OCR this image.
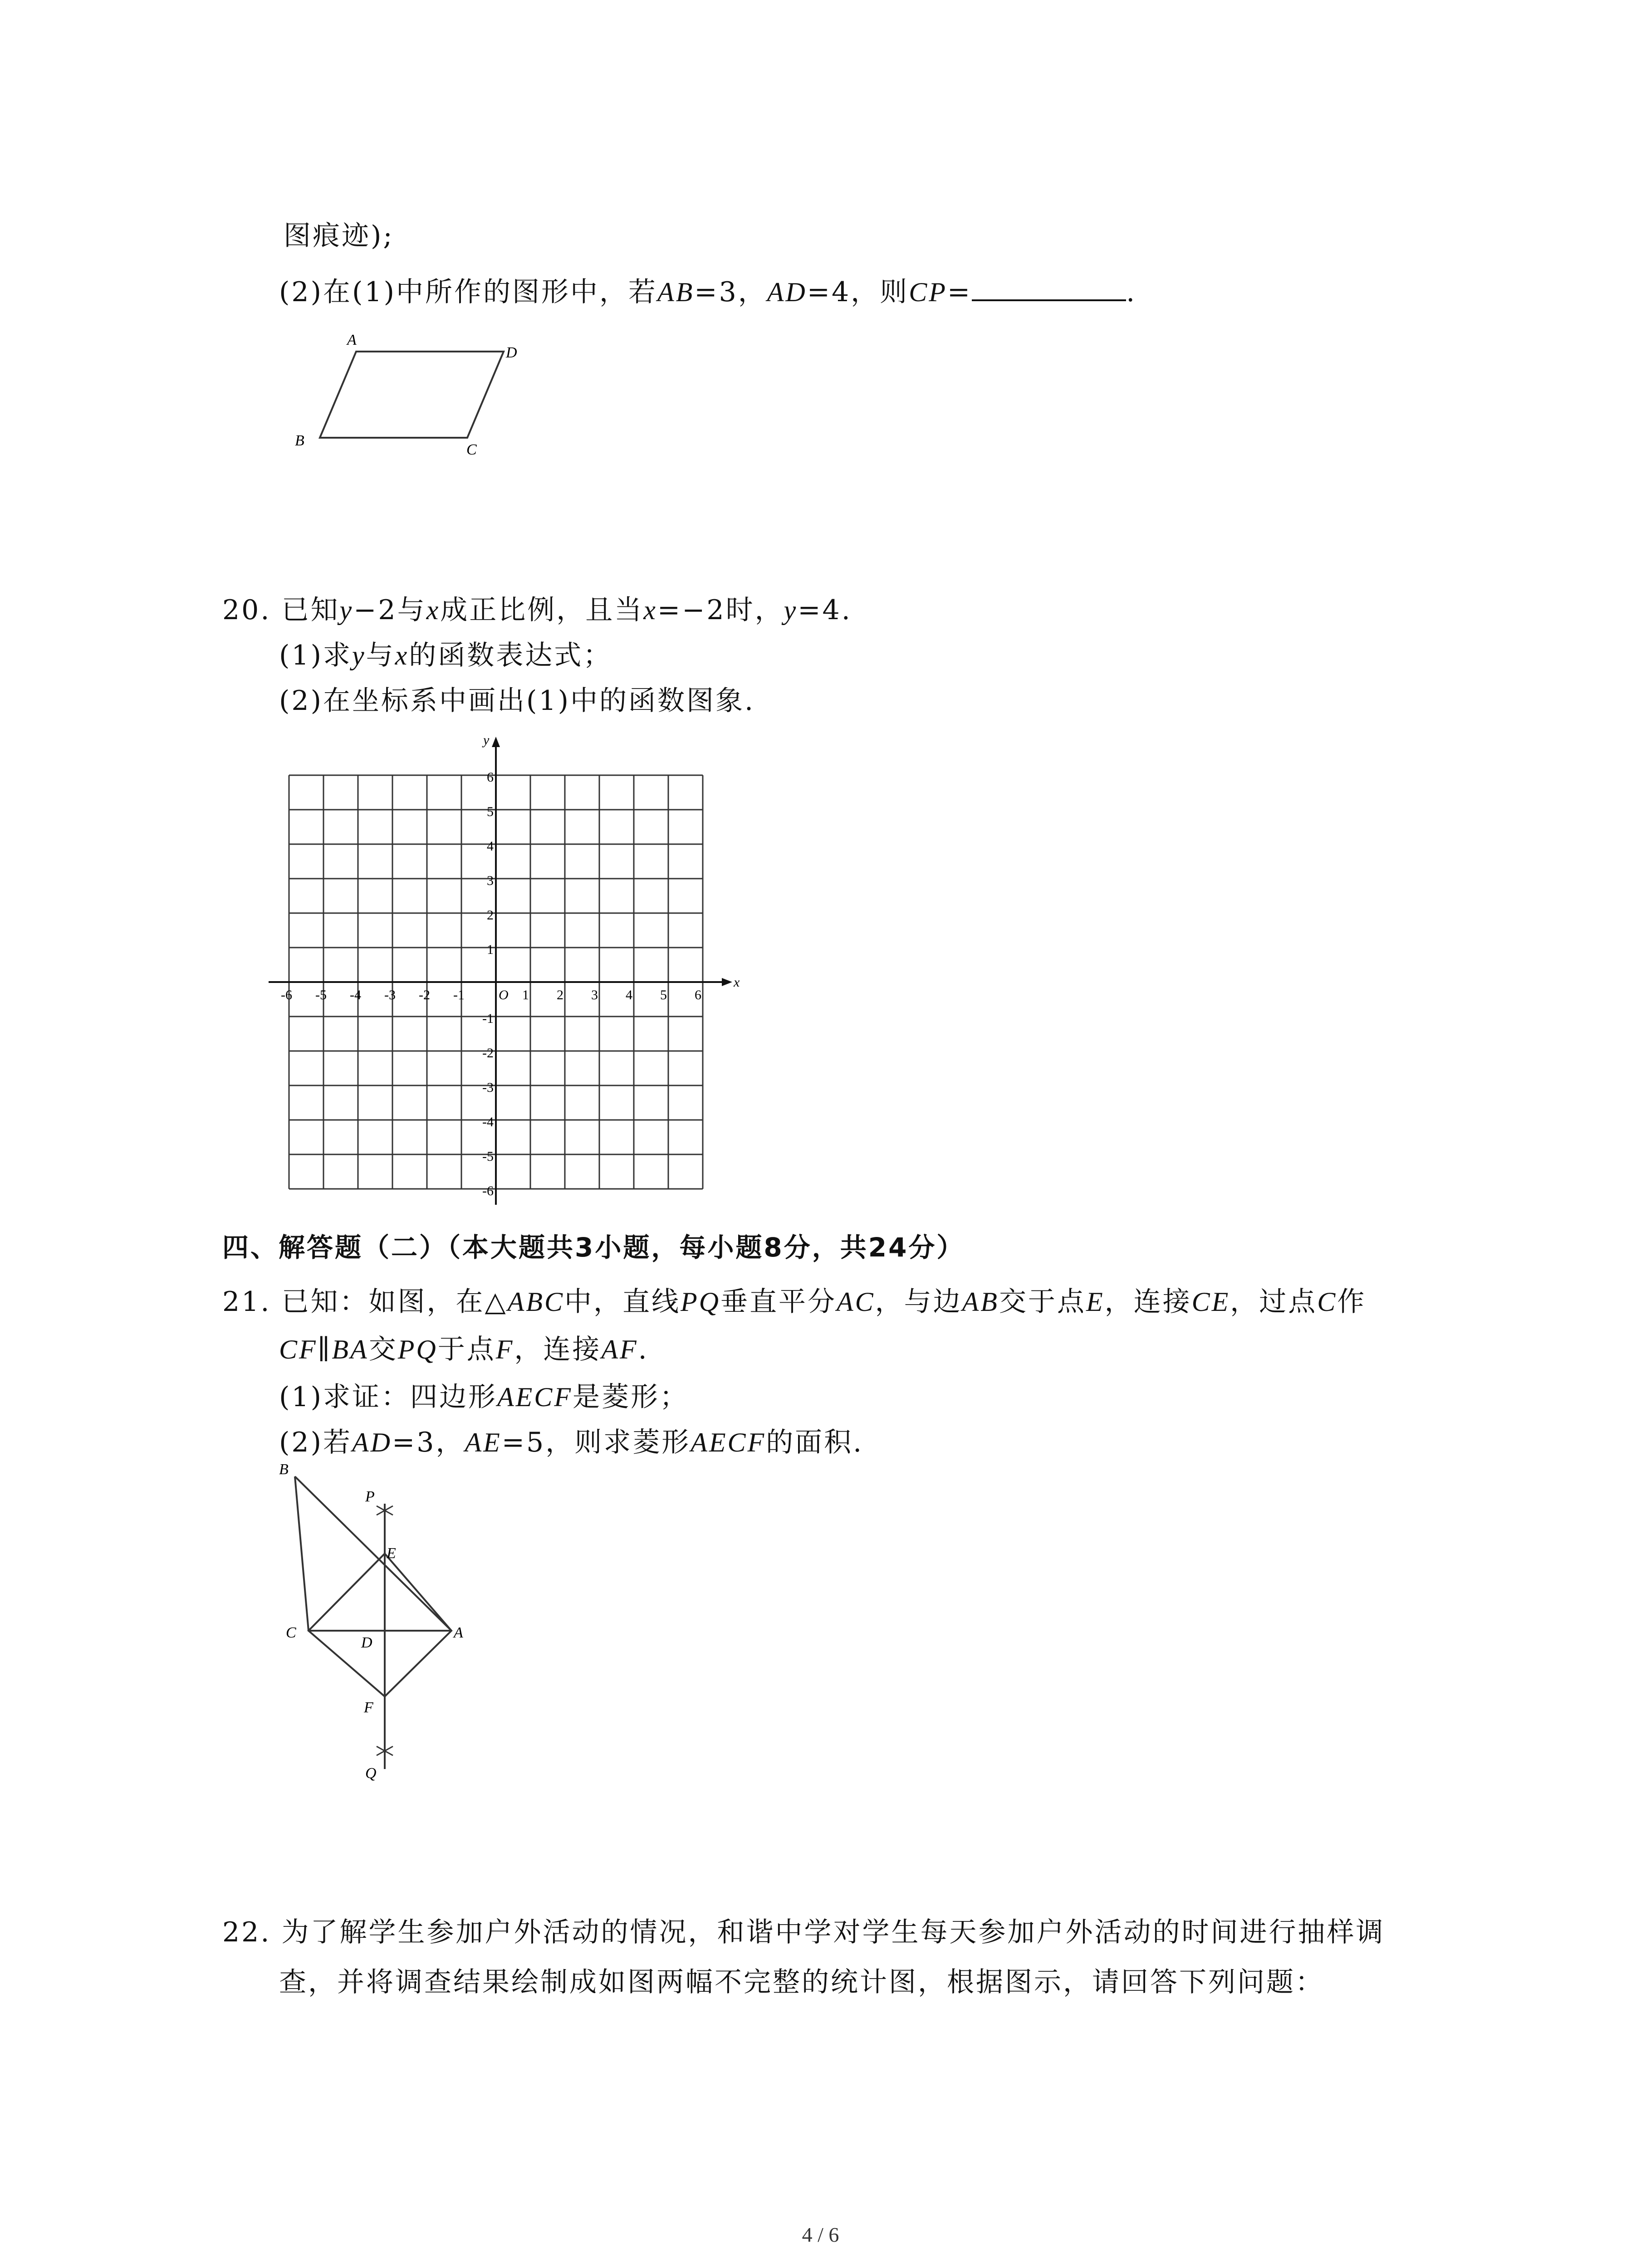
图痕迹);
(2)在(1)中所作的图形中，若AB=3，AD=4，则CP=	.
A
D
B
C
20. 已知y−2与x成正比例，且当x=−2时，y=4.
(1)求y与x的函数表达式；
(2)在坐标系中画出(1)中的函数图象.
x
y
O
-6 -5 -4 -3 -2 -1	1 2 3 4 5 6
6
5
4
3
2
1
-1
-2
-3
-4
-5
-6
四、解答题（二）（本大题共3小题，每小题8分，共24分）
21. 已知：如图，在△ABC中，直线PQ垂直平分AC，与边AB交于点E，连接CE，过点C作
CF∥BA交PQ于点F，连接AF.
(1)求证：四边形AECF是菱形；
(2)若AD=3，AE=5，则求菱形AECF的面积.
B
P
E
C
D
A
F
Q
22. 为了解学生参加户外活动的情况，和谐中学对学生每天参加户外活动的时间进行抽样调
查，并将调查结果绘制成如图两幅不完整的统计图，根据图示，请回答下列问题：
4 / 6
